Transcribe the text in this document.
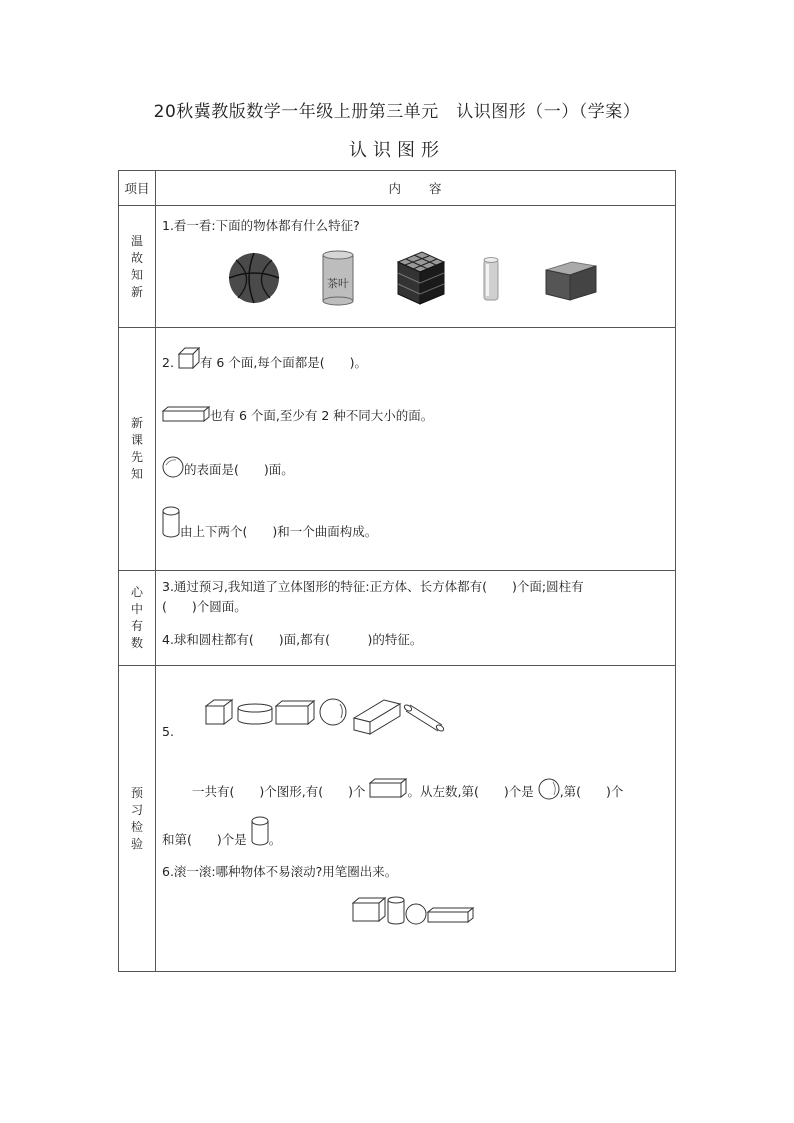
20秋冀教版数学一年级上册第三单元　认识图形（一）（学案）
认识图形
项目	内　　容
温故知新	1.看一看:下面的物体都有什么特征?
茶叶

新课先知	2. 有 6 个面,每个面都是(　　)。
也有 6 个面,至少有 2 种不同大小的面。
的表面是(　　)面。
由上下两个(　　)和一个曲面构成。

心中有数	3.通过预习,我知道了立体图形的特征:正方体、长方体都有(　　)个面;圆柱有
(　　)个圆面。
4.球和圆柱都有(　　)面,都有(　　　)的特征。

预习检验	5.
一共有(　　)个图形,有(　　)个 。从左数,第(　　)个是 ,第(　　)个
和第(　　)个是 。
6.滚一滚:哪种物体不易滚动?用笔圈出来。
